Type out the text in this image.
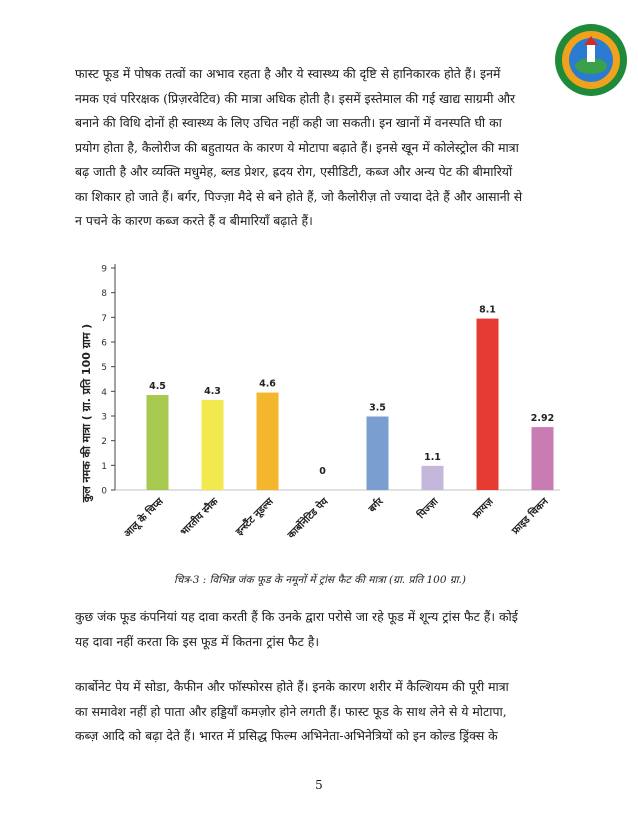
फास्ट फूड में पोषक तत्वों का अभाव रहता है और ये स्वास्थ्य की दृष्टि से हानिकारक होते हैं। इनमें
नमक एवं परिरक्षक (प्रिज़रवेटिव) की मात्रा अधिक होती है। इसमें इस्तेमाल की गई खाद्य साग्रमी और
बनाने की विधि दोनों ही स्वास्थ्य के लिए उचित नहीं कही जा सकती। इन खानों में वनस्पति घी का
प्रयोग होता है, कैलोरीज की बहुतायत के कारण ये मोटापा बढ़ाते हैं। इनसे खून में कोलेस्ट्रोल की मात्रा
बढ़ जाती है और व्यक्ति मधुमेह, ब्लड प्रेशर, ह्रदय रोग, एसीडिटी, कब्ज और अन्य पेट की बीमारियों
का शिकार हो जाते हैं। बर्गर, पिज्ज़ा मैदे से बने होते हैं, जो कैलोरीज़ तो ज्यादा देते हैं और आसानी से
न पचने के कारण कब्ज करते हैं व बीमारियाँ बढ़ाते हैं।
कुल नमक की मात्रा ( ग्रा. प्रति 100 ग्राम ) 0
1
2
3
4
5
6
7
8
9
4.5	4.3
4.6
0
3.5
1.1
8.1
2.92
आलू के चिप्स भारतीय स्नैक इन्स्टैंट नूडल्स कार्बोनेटिड पेय	बर्गर	पिज्ज़ा	फ्रायज़ फ्राइड चिकन
चित्र-3 : विभिन्न जंक फूड के नमूनों में ट्रांस फैट की मात्रा (ग्रा. प्रति 100 ग्रा.)
कुछ जंक फूड कंपनियां यह दावा करती हैं कि उनके द्वारा परोसे जा रहे फूड में शून्य ट्रांस फैट हैं। कोई
यह दावा नहीं करता कि इस फूड में कितना ट्रांस फैट है।
कार्बोनेट पेय में सोडा, कैफीन और फॉस्फोरस होते हैं। इनके कारण शरीर में कैल्शियम की पूरी मात्रा
का समावेश नहीं हो पाता और हड्डियाँ कमज़ोर होने लगती हैं। फास्ट फूड के साथ लेने से ये मोटापा,
कब्ज़ आदि को बढ़ा देते हैं। भारत में प्रसिद्ध फिल्म अभिनेता-अभिनेत्रियों को इन कोल्ड ड्रिंक्स के
5
